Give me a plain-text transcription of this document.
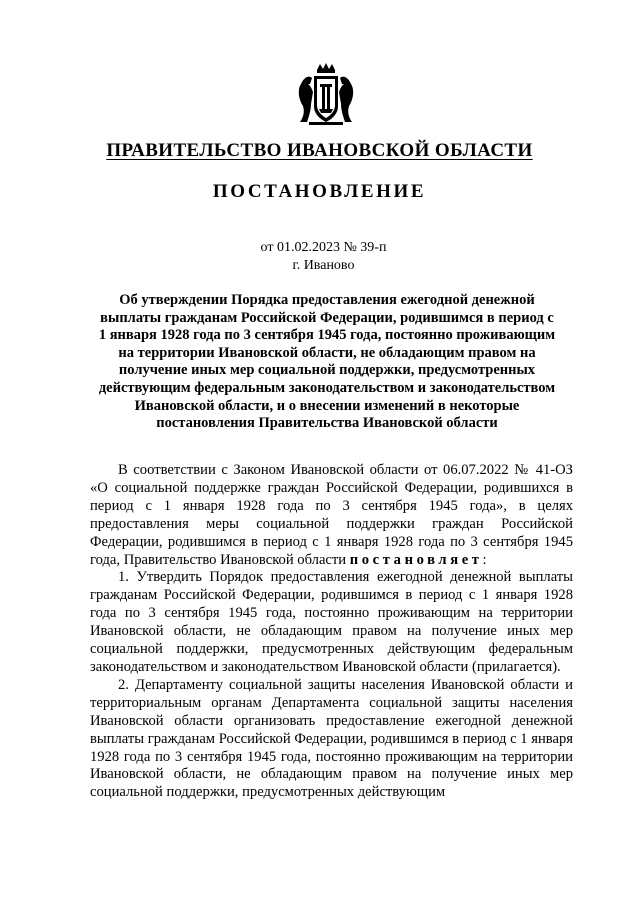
ПРАВИТЕЛЬСТВО ИВАНОВСКОЙ ОБЛАСТИ
ПОСТАНОВЛЕНИЕ
от 01.02.2023 № 39-п
г. Иваново
Об утверждении Порядка предоставления ежегодной денежной выплаты гражданам Российской Федерации, родившимся в период с 1 января 1928 года по 3 сентября 1945 года, постоянно проживающим на территории Ивановской области, не обладающим правом на получение иных мер социальной поддержки, предусмотренных действующим федеральным законодательством и законодательством Ивановской области, и о внесении изменений в некоторые постановления Правительства Ивановской области

В соответствии с Законом Ивановской области от 06.07.2022 № 41-ОЗ «О социальной поддержке граждан Российской Федерации, родившихся в период с 1 января 1928 года по 3 сентября 1945 года», в целях предоставления меры социальной поддержки граждан Российской Федерации, родившимся в период с 1 января 1928 года по 3 сентября 1945 года, Правительство Ивановской области постановляет:

1. Утвердить Порядок предоставления ежегодной денежной выплаты гражданам Российской Федерации, родившимся в период с 1 января 1928 года по 3 сентября 1945 года, постоянно проживающим на территории Ивановской области, не обладающим правом на получение иных мер социальной поддержки, предусмотренных действующим федеральным законодательством и законодательством Ивановской области (прилагается).

2. Департаменту социальной защиты населения Ивановской области и территориальным органам Департамента социальной защиты населения Ивановской области организовать предоставление ежегодной денежной выплаты гражданам Российской Федерации, родившимся в период с 1 января 1928 года по 3 сентября 1945 года, постоянно проживающим на территории Ивановской области, не обладающим правом на получение иных мер социальной поддержки, предусмотренных действующим
